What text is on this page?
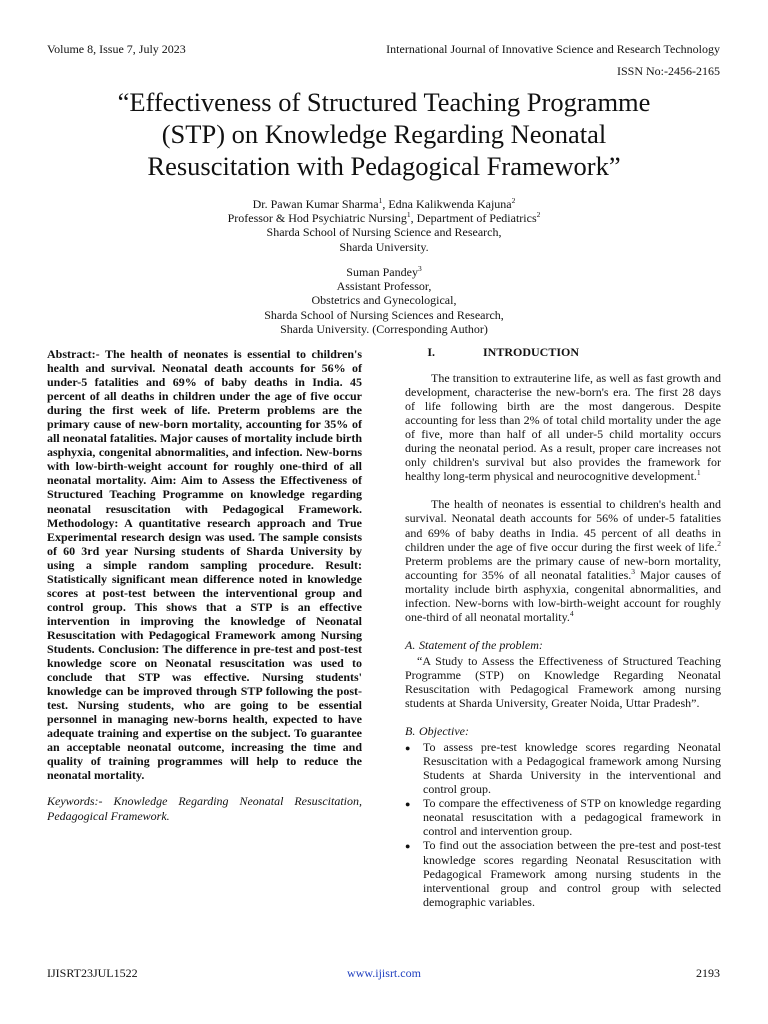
Volume 8, Issue 7, July 2023	International Journal of Innovative Science and Research Technology
ISSN No:-2456-2165
“Effectiveness of Structured Teaching Programme
(STP) on Knowledge Regarding Neonatal
Resuscitation with Pedagogical Framework”
Dr. Pawan Kumar Sharma$^1$, Edna Kalikwenda Kajuna$^2$
Professor & Hod Psychiatric Nursing$^1$, Department of Pediatrics$^2$
Sharda School of Nursing Science and Research,
Sharda University.
Suman Pandey$^3$
Assistant Professor,
Obstetrics and Gynecological,
Sharda School of Nursing Sciences and Research,
Sharda University. (Corresponding Author)

Abstract:- The health of neonates is essential to children's health and survival. Neonatal death accounts for 56% of under-5 fatalities and 69% of baby deaths in India. 45 percent of all deaths in children under the age of five occur during the first week of life. Preterm problems are the primary cause of new-born mortality, accounting for 35% of all neonatal fatalities. Major causes of mortality include birth asphyxia, congenital abnormalities, and infection. New-borns with low-birth-weight account for roughly one-third of all neonatal mortality. Aim: Aim to Assess the Effectiveness of Structured Teaching Programme on knowledge regarding neonatal resuscitation with Pedagogical Framework. Methodology: A quantitative research approach and True Experimental research design was used. The sample consists of 60 3rd year Nursing students of Sharda University by using a simple random sampling procedure. Result: Statistically significant mean difference noted in knowledge scores at post-test between the interventional group and control group. This shows that a STP is an effective intervention in improving the knowledge of Neonatal Resuscitation with Pedagogical Framework among Nursing Students. Conclusion: The difference in pre-test and post-test knowledge score on Neonatal resuscitation was used to conclude that STP was effective. Nursing students' knowledge can be improved through STP following the post-test. Nursing students, who are going to be essential personnel in managing new-borns health, expected to have adequate training and expertise on the subject. To guarantee an acceptable neonatal outcome, increasing the time and quality of training programmes will help to reduce the neonatal mortality.

Keywords:- Knowledge Regarding Neonatal Resuscitation, Pedagogical Framework.

I.	INTRODUCTION

The transition to extrauterine life, as well as fast growth and development, characterise the new-born's era. The first 28 days of life following birth are the most dangerous. Despite accounting for less than 2% of total child mortality under the age of five, more than half of all under-5 child mortality occurs during the neonatal period. As a result, proper care increases not only children's survival but also provides the framework for healthy long-term physical and neurocognitive development.$^1$

The health of neonates is essential to children's health and survival. Neonatal death accounts for 56% of under-5 fatalities and 69% of baby deaths in India. 45 percent of all deaths in children under the age of five occur during the first week of life.$^2$ Preterm problems are the primary cause of new-born mortality, accounting for 35% of all neonatal fatalities.$^3$ Major causes of mortality include birth asphyxia, congenital abnormalities, and infection. New-borns with low-birth-weight account for roughly one-third of all neonatal mortality.$^4$

A. Statement of the problem:

“A Study to Assess the Effectiveness of Structured Teaching Programme (STP) on Knowledge Regarding Neonatal Resuscitation with Pedagogical Framework among nursing students at Sharda University, Greater Noida, Uttar Pradesh”.

B. Objective:
●	To assess pre-test knowledge scores regarding Neonatal Resuscitation with a Pedagogical framework among Nursing Students at Sharda University in the interventional and control group.
●	To compare the effectiveness of STP on knowledge regarding neonatal resuscitation with a pedagogical framework in control and intervention group.
●	To find out the association between the pre-test and post-test knowledge scores regarding Neonatal Resuscitation with Pedagogical Framework among nursing students in the interventional group and control group with selected demographic variables.
IJISRT23JUL1522	www.ijisrt.com	2193
